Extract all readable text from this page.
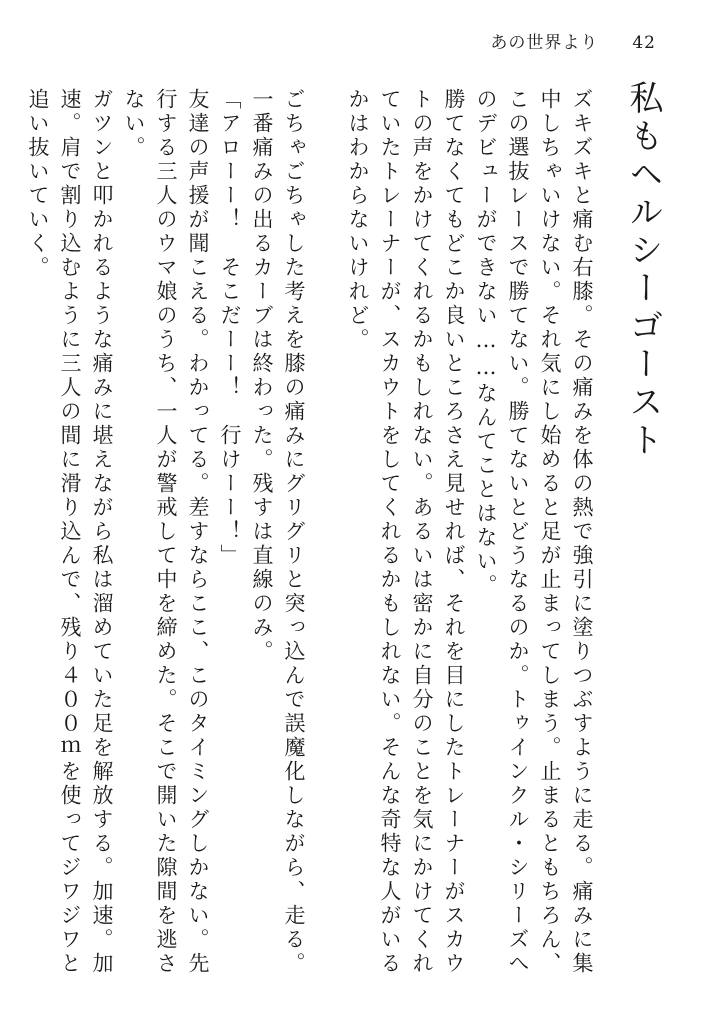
あの世界より 42
私もヘルシーゴースト

ズキズキと痛む右膝。その痛みを体の熱で強引に塗りつぶすように走る。痛みに集中しちゃいけない。それ気にし始めると足が止まってしまう。止まるともちろん、この選抜レースで勝てない。勝てないとどうなるのか。トゥインクル・シリーズへのデビューができない……なんてことはない。

勝てなくてもどこか良いところさえ見せれば、それを目にしたトレーナーがスカウトの声をかけてくれるかもしれない。あるいは密かに自分のことを気にかけてくれていたトレーナーが、スカウトをしてくれるかもしれない。そんな奇特な人がいるかはわからないけれど。

ごちゃごちゃした考えを膝の痛みにグリグリと突っ込んで誤魔化しながら、走る。一番痛みの出るカーブは終わった。残すは直線のみ。

「アローー！　そこだーー！　行けーー！」

友達の声援が聞こえる。わかってる。差すならここ、このタイミングしかない。先行する三人のウマ娘のうち、一人が警戒して中を締めた。そこで開いた隙間を逃さない。

ガツンと叩かれるような痛みに堪えながら私は溜めていた足を解放する。加速。加速。肩で割り込むように三人の間に滑り込んで、残り４００ｍを使ってジワジワと追い抜いていく。
